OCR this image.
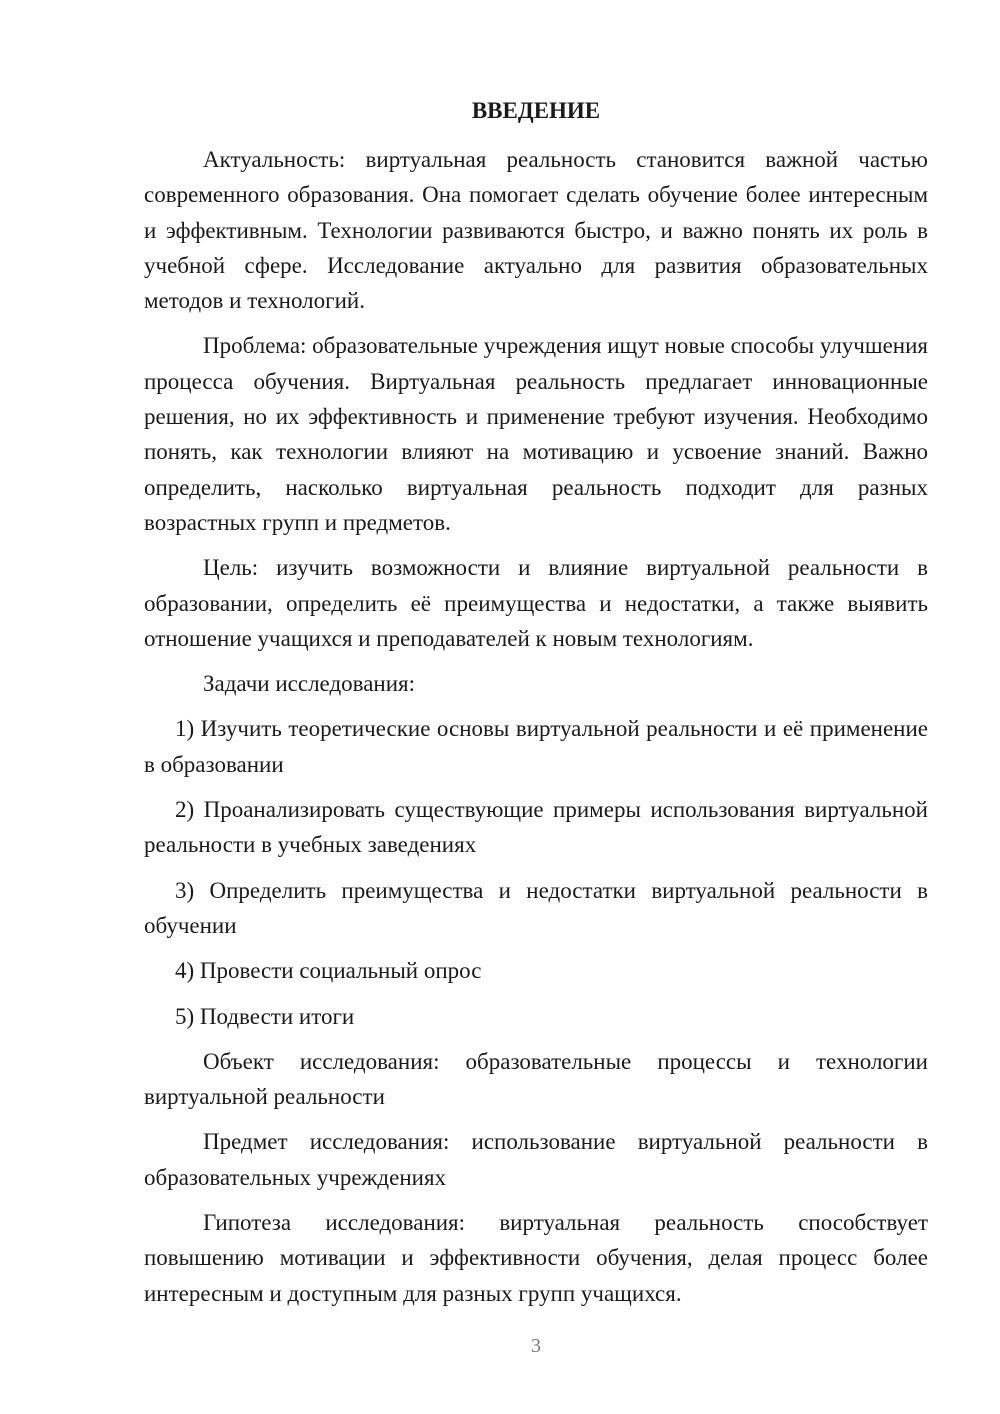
ВВЕДЕНИЕ

Актуальность: виртуальная реальность становится важной частью современного образования. Она помогает сделать обучение более интересным и эффективным. Технологии развиваются быстро, и важно понять их роль в учебной сфере. Исследование актуально для развития образовательных методов и технологий.

Проблема: образовательные учреждения ищут новые способы улучшения процесса обучения. Виртуальная реальность предлагает инновационные решения, но их эффективность и применение требуют изучения. Необходимо понять, как технологии влияют на мотивацию и усвоение знаний. Важно определить, насколько виртуальная реальность подходит для разных возрастных групп и предметов.

Цель: изучить возможности и влияние виртуальной реальности в образовании, определить её преимущества и недостатки, а также выявить отношение учащихся и преподавателей к новым технологиям.

Задачи исследования:

1) Изучить теоретические основы виртуальной реальности и её применение в образовании

2) Проанализировать существующие примеры использования виртуальной реальности в учебных заведениях

3) Определить преимущества и недостатки виртуальной реальности в обучении

4) Провести социальный опрос

5) Подвести итоги

Объект исследования: образовательные процессы и технологии виртуальной реальности

Предмет исследования: использование виртуальной реальности в образовательных учреждениях

Гипотеза исследования: виртуальная реальность способствует повышению мотивации и эффективности обучения, делая процесс более интересным и доступным для разных групп учащихся.

3
